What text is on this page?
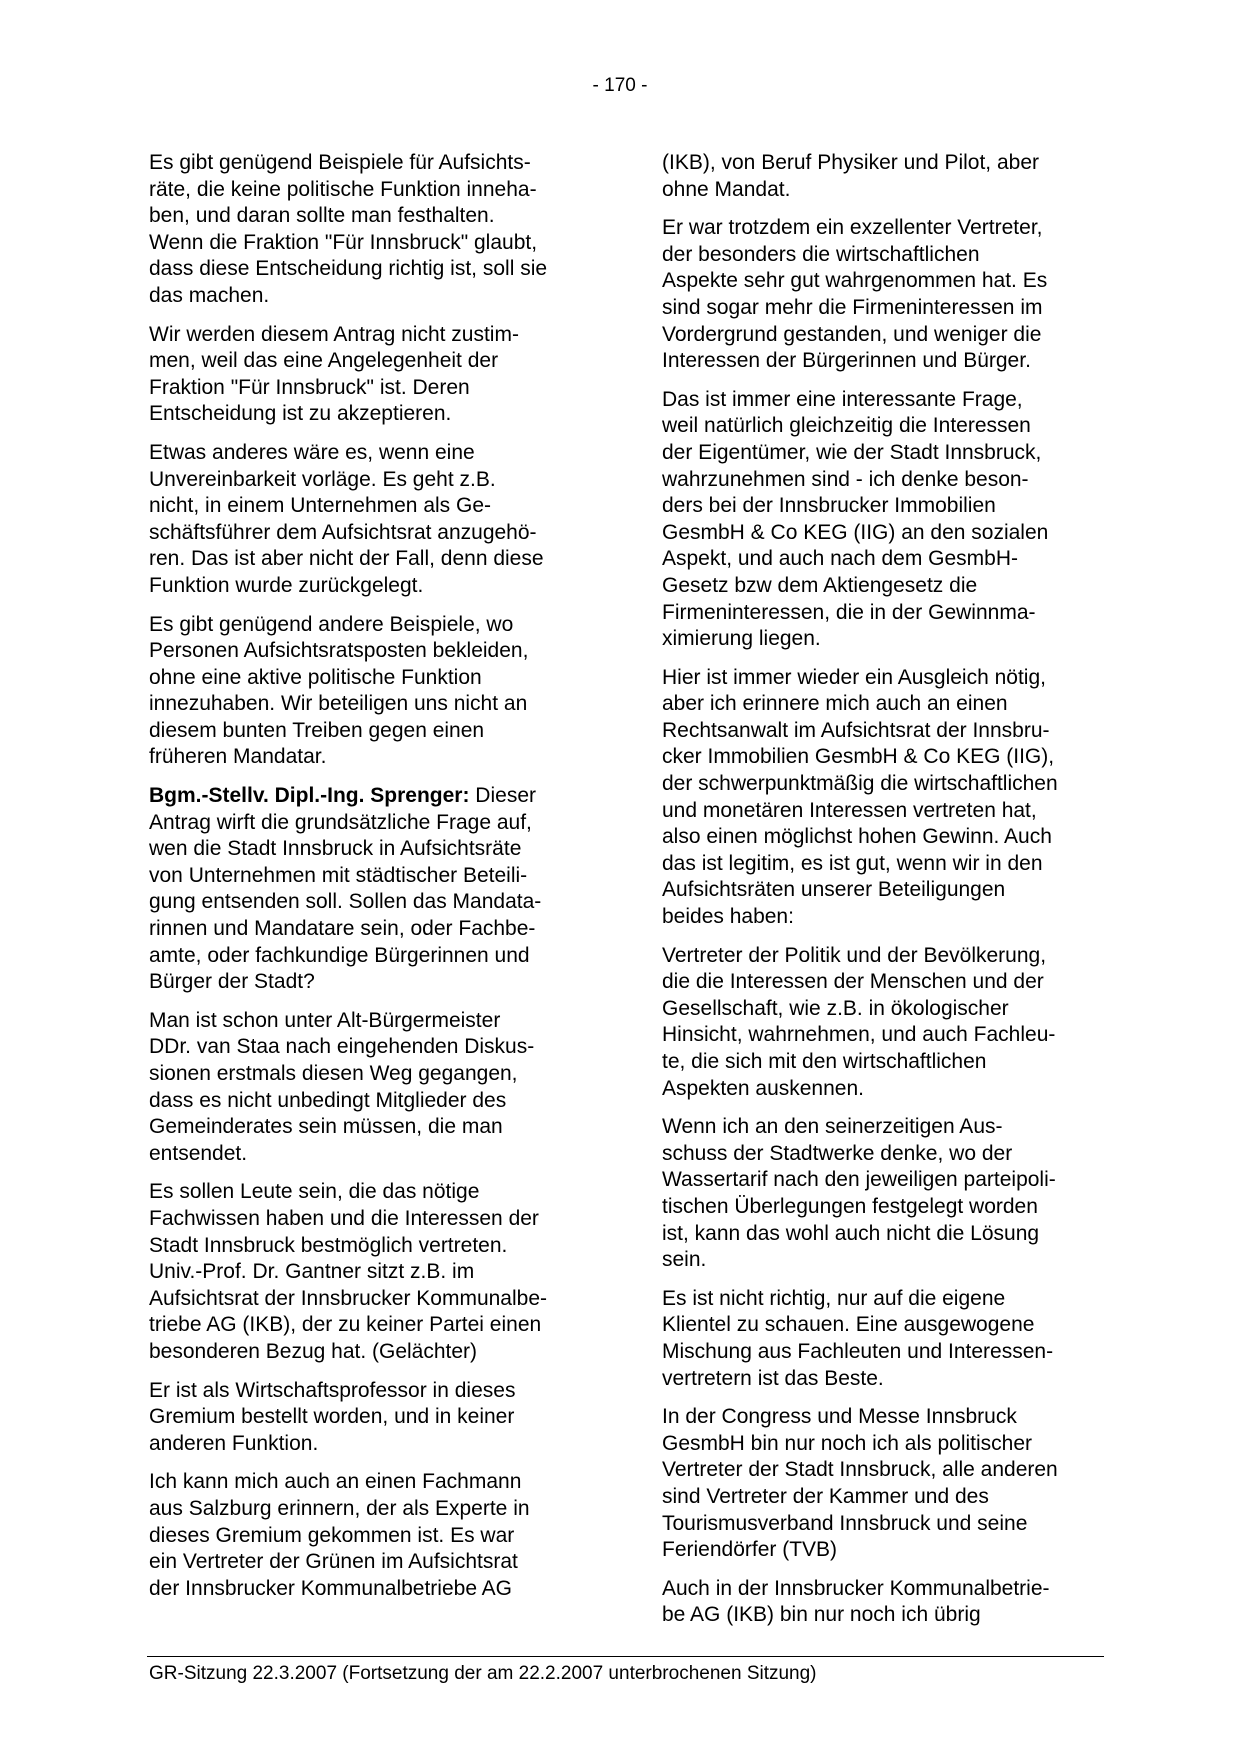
- 170 -

Es gibt genügend Beispiele für Aufsichts-
räte, die keine politische Funktion inneha-
ben, und daran sollte man festhalten.
Wenn die Fraktion "Für Innsbruck" glaubt,
dass diese Entscheidung richtig ist, soll sie
das machen.

Wir werden diesem Antrag nicht zustim-
men, weil das eine Angelegenheit der
Fraktion "Für Innsbruck" ist. Deren
Entscheidung ist zu akzeptieren.

Etwas anderes wäre es, wenn eine
Unvereinbarkeit vorläge. Es geht z.B.
nicht, in einem Unternehmen als Ge-
schäftsführer dem Aufsichtsrat anzugehö-
ren. Das ist aber nicht der Fall, denn diese
Funktion wurde zurückgelegt.

Es gibt genügend andere Beispiele, wo
Personen Aufsichtsratsposten bekleiden,
ohne eine aktive politische Funktion
innezuhaben. Wir beteiligen uns nicht an
diesem bunten Treiben gegen einen
früheren Mandatar.

Bgm.-Stellv. Dipl.-Ing. Sprenger: Dieser
Antrag wirft die grundsätzliche Frage auf,
wen die Stadt Innsbruck in Aufsichtsräte
von Unternehmen mit städtischer Beteili-
gung entsenden soll. Sollen das Mandata-
rinnen und Mandatare sein, oder Fachbe-
amte, oder fachkundige Bürgerinnen und
Bürger der Stadt?

Man ist schon unter Alt-Bürgermeister
DDr. van Staa nach eingehenden Diskus-
sionen erstmals diesen Weg gegangen,
dass es nicht unbedingt Mitglieder des
Gemeinderates sein müssen, die man
entsendet.

Es sollen Leute sein, die das nötige
Fachwissen haben und die Interessen der
Stadt Innsbruck bestmöglich vertreten.
Univ.-Prof. Dr. Gantner sitzt z.B. im
Aufsichtsrat der Innsbrucker Kommunalbe-
triebe AG (IKB), der zu keiner Partei einen
besonderen Bezug hat. (Gelächter)

Er ist als Wirtschaftsprofessor in dieses
Gremium bestellt worden, und in keiner
anderen Funktion.

Ich kann mich auch an einen Fachmann
aus Salzburg erinnern, der als Experte in
dieses Gremium gekommen ist. Es war
ein Vertreter der Grünen im Aufsichtsrat
der Innsbrucker Kommunalbetriebe AG

(IKB), von Beruf Physiker und Pilot, aber
ohne Mandat.

Er war trotzdem ein exzellenter Vertreter,
der besonders die wirtschaftlichen
Aspekte sehr gut wahrgenommen hat. Es
sind sogar mehr die Firmeninteressen im
Vordergrund gestanden, und weniger die
Interessen der Bürgerinnen und Bürger.

Das ist immer eine interessante Frage,
weil natürlich gleichzeitig die Interessen
der Eigentümer, wie der Stadt Innsbruck,
wahrzunehmen sind - ich denke beson-
ders bei der Innsbrucker Immobilien
GesmbH & Co KEG (IIG) an den sozialen
Aspekt, und auch nach dem GesmbH-
Gesetz bzw dem Aktiengesetz die
Firmeninteressen, die in der Gewinnma-
ximierung liegen.

Hier ist immer wieder ein Ausgleich nötig,
aber ich erinnere mich auch an einen
Rechtsanwalt im Aufsichtsrat der Innsbru-
cker Immobilien GesmbH & Co KEG (IIG),
der schwerpunktmäßig die wirtschaftlichen
und monetären Interessen vertreten hat,
also einen möglichst hohen Gewinn. Auch
das ist legitim, es ist gut, wenn wir in den
Aufsichtsräten unserer Beteiligungen
beides haben:

Vertreter der Politik und der Bevölkerung,
die die Interessen der Menschen und der
Gesellschaft, wie z.B. in ökologischer
Hinsicht, wahrnehmen, und auch Fachleu-
te, die sich mit den wirtschaftlichen
Aspekten auskennen.

Wenn ich an den seinerzeitigen Aus-
schuss der Stadtwerke denke, wo der
Wassertarif nach den jeweiligen parteipoli-
tischen Überlegungen festgelegt worden
ist, kann das wohl auch nicht die Lösung
sein.

Es ist nicht richtig, nur auf die eigene
Klientel zu schauen. Eine ausgewogene
Mischung aus Fachleuten und Interessen-
vertretern ist das Beste.

In der Congress und Messe Innsbruck
GesmbH bin nur noch ich als politischer
Vertreter der Stadt Innsbruck, alle anderen
sind Vertreter der Kammer und des
Tourismusverband Innsbruck und seine
Feriendörfer (TVB)

Auch in der Innsbrucker Kommunalbetrie-
be AG (IKB) bin nur noch ich übrig

GR-Sitzung 22.3.2007 (Fortsetzung der am 22.2.2007 unterbrochenen Sitzung)
